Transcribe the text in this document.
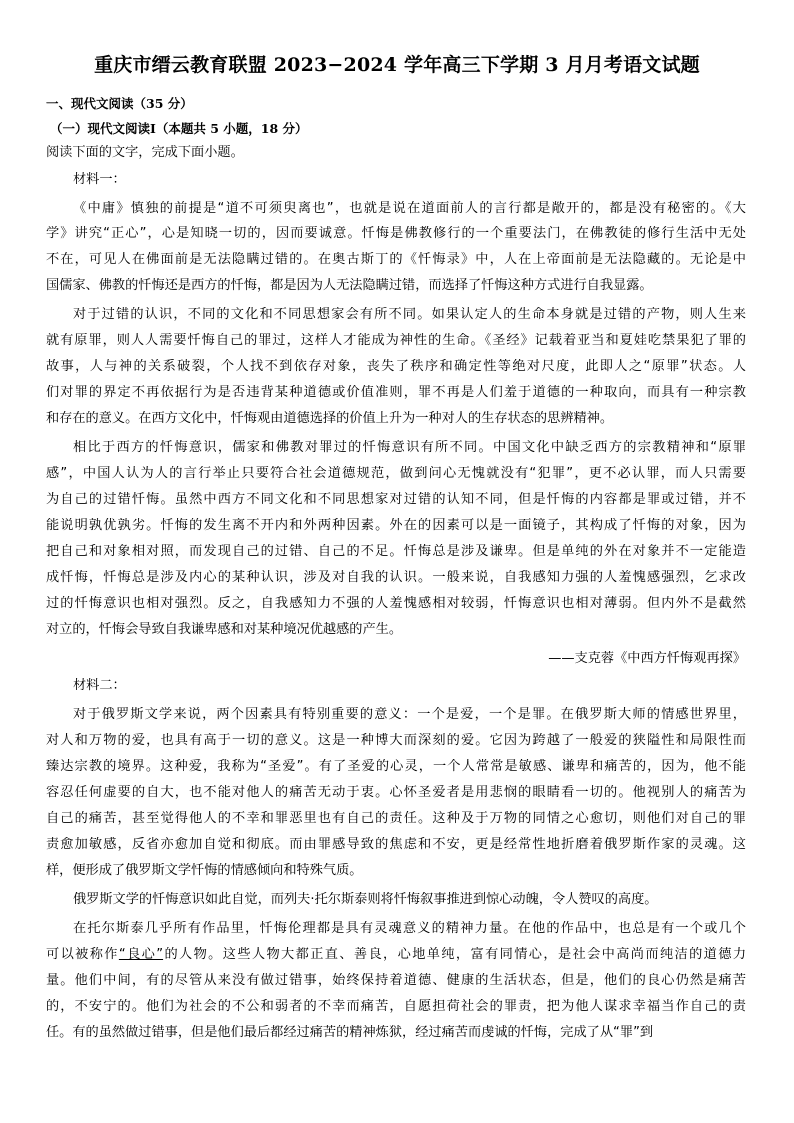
重庆市缙云教育联盟 2023−2024 学年高三下学期 3 月月考语文试题
一、现代文阅读（35 分）
（一）现代文阅读Ⅰ（本题共 5 小题，18 分）
阅读下面的文字，完成下面小题。
材料一：
《中庸》慎独的前提是“道不可须臾离也”，也就是说在道面前人的言行都是敞开的，都是没有秘密的。《大
学》讲究“正心”，心是知晓一切的，因而要诚意。忏悔是佛教修行的一个重要法门，在佛教徒的修行生活中无处
不在，可见人在佛面前是无法隐瞒过错的。在奥古斯丁的《忏悔录》中，人在上帝面前是无法隐藏的。无论是中
国儒家、佛教的忏悔还是西方的忏悔，都是因为人无法隐瞒过错，而选择了忏悔这种方式进行自我显露。
对于过错的认识，不同的文化和不同思想家会有所不同。如果认定人的生命本身就是过错的产物，则人生来
就有原罪，则人人需要忏悔自己的罪过，这样人才能成为神性的生命。《圣经》记载着亚当和夏娃吃禁果犯了罪的
故事，人与神的关系破裂，个人找不到依存对象，丧失了秩序和确定性等绝对尺度，此即人之“原罪”状态。人
们对罪的界定不再依据行为是否违背某种道德或价值准则，罪不再是人们羞于道德的一种取向，而具有一种宗教
和存在的意义。在西方文化中，忏悔观由道德选择的价值上升为一种对人的生存状态的思辨精神。
相比于西方的忏悔意识，儒家和佛教对罪过的忏悔意识有所不同。中国文化中缺乏西方的宗教精神和“原罪
感”，中国人认为人的言行举止只要符合社会道德规范，做到问心无愧就没有“犯罪”，更不必认罪，而人只需要
为自己的过错忏悔。虽然中西方不同文化和不同思想家对过错的认知不同，但是忏悔的内容都是罪或过错，并不
能说明孰优孰劣。忏悔的发生离不开内和外两种因素。外在的因素可以是一面镜子，其构成了忏悔的对象，因为
把自己和对象相对照，而发现自己的过错、自己的不足。忏悔总是涉及谦卑。但是单纯的外在对象并不一定能造
成忏悔，忏悔总是涉及内心的某种认识，涉及对自我的认识。一般来说，自我感知力强的人羞愧感强烈，乞求改
过的忏悔意识也相对强烈。反之，自我感知力不强的人羞愧感相对较弱，忏悔意识也相对薄弱。但内外不是截然
对立的，忏悔会导致自我谦卑感和对某种境况优越感的产生。
——支克蓉《中西方忏悔观再探》
材料二：
对于俄罗斯文学来说，两个因素具有特别重要的意义：一个是爱，一个是罪。在俄罗斯大师的情感世界里，
对人和万物的爱，也具有高于一切的意义。这是一种博大而深刻的爱。它因为跨越了一般爱的狭隘性和局限性而
臻达宗教的境界。这种爱，我称为“圣爱”。有了圣爱的心灵，一个人常常是敏感、谦卑和痛苦的，因为，他不能
容忍任何虚要的自大，也不能对他人的痛苦无动于衷。心怀圣爱者是用悲悯的眼睛看一切的。他视别人的痛苦为
自己的痛苦，甚至觉得他人的不幸和罪恶里也有自己的责任。这种及于万物的同情之心愈切，则他们对自己的罪
责愈加敏感，反省亦愈加自觉和彻底。而由罪感导致的焦虑和不安，更是经常性地折磨着俄罗斯作家的灵魂。这
样，便形成了俄罗斯文学忏悔的情感倾向和特殊气质。
俄罗斯文学的忏悔意识如此自觉，而列夫·托尔斯泰则将忏悔叙事推进到惊心动魄，令人赞叹的高度。
在托尔斯泰几乎所有作品里，忏悔伦理都是具有灵魂意义的精神力量。在他的作品中，也总是有一个或几个
可以被称作“良心”的人物。这些人物大都正直、善良，心地单纯，富有同情心，是社会中高尚而纯洁的道德力
量。他们中间，有的尽管从来没有做过错事，始终保持着道德、健康的生活状态，但是，他们的良心仍然是痛苦
的，不安宁的。他们为社会的不公和弱者的不幸而痛苦，自愿担荷社会的罪责，把为他人谋求幸福当作自己的责
任。有的虽然做过错事，但是他们最后都经过痛苦的精神炼狱，经过痛苦而虔诚的忏悔，完成了从“罪”到
